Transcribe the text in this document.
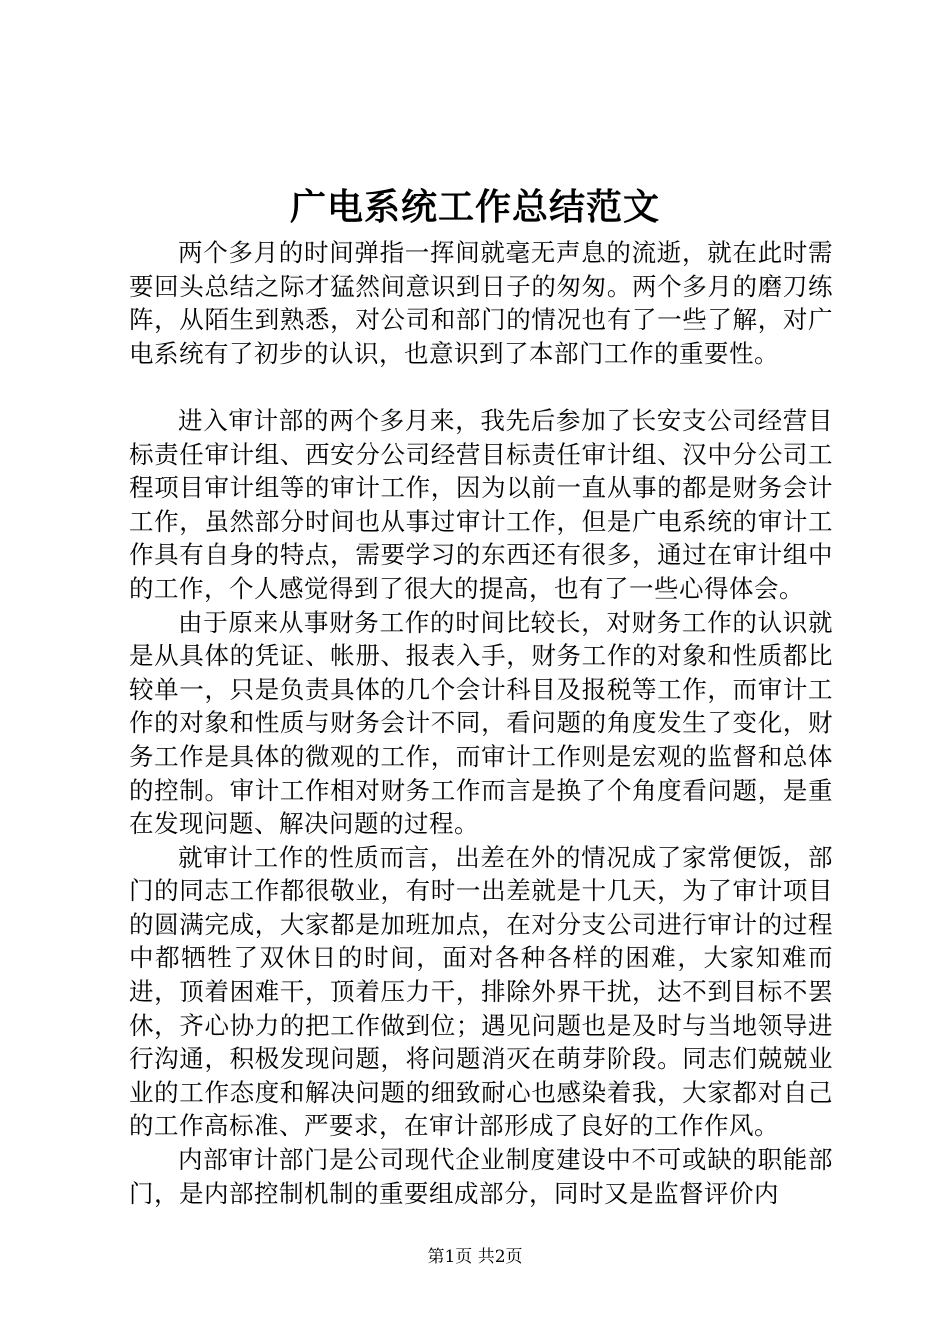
广电系统工作总结范文

两个多月的时间弹指一挥间就毫无声息的流逝，就在此时需要回头总结之际才猛然间意识到日子的匆匆。两个多月的磨刀练阵，从陌生到熟悉，对公司和部门的情况也有了一些了解，对广电系统有了初步的认识，也意识到了本部门工作的重要性。

进入审计部的两个多月来，我先后参加了长安支公司经营目标责任审计组、西安分公司经营目标责任审计组、汉中分公司工程项目审计组等的审计工作，因为以前一直从事的都是财务会计工作，虽然部分时间也从事过审计工作，但是广电系统的审计工作具有自身的特点，需要学习的东西还有很多，通过在审计组中的工作，个人感觉得到了很大的提高，也有了一些心得体会。

由于原来从事财务工作的时间比较长，对财务工作的认识就是从具体的凭证、帐册、报表入手，财务工作的对象和性质都比较单一，只是负责具体的几个会计科目及报税等工作，而审计工作的对象和性质与财务会计不同，看问题的角度发生了变化，财务工作是具体的微观的工作，而审计工作则是宏观的监督和总体的控制。审计工作相对财务工作而言是换了个角度看问题，是重在发现问题、解决问题的过程。

就审计工作的性质而言，出差在外的情况成了家常便饭，部门的同志工作都很敬业，有时一出差就是十几天，为了审计项目的圆满完成，大家都是加班加点，在对分支公司进行审计的过程中都牺牲了双休日的时间，面对各种各样的困难，大家知难而进，顶着困难干，顶着压力干，排除外界干扰，达不到目标不罢休，齐心协力的把工作做到位；遇见问题也是及时与当地领导进行沟通，积极发现问题，将问题消灭在萌芽阶段。同志们兢兢业业的工作态度和解决问题的细致耐心也感染着我，大家都对自己的工作高标准、严要求，在审计部形成了良好的工作作风。

内部审计部门是公司现代企业制度建设中不可或缺的职能部门，是内部控制机制的重要组成部分，同时又是监督评价内

第1页 共2页
